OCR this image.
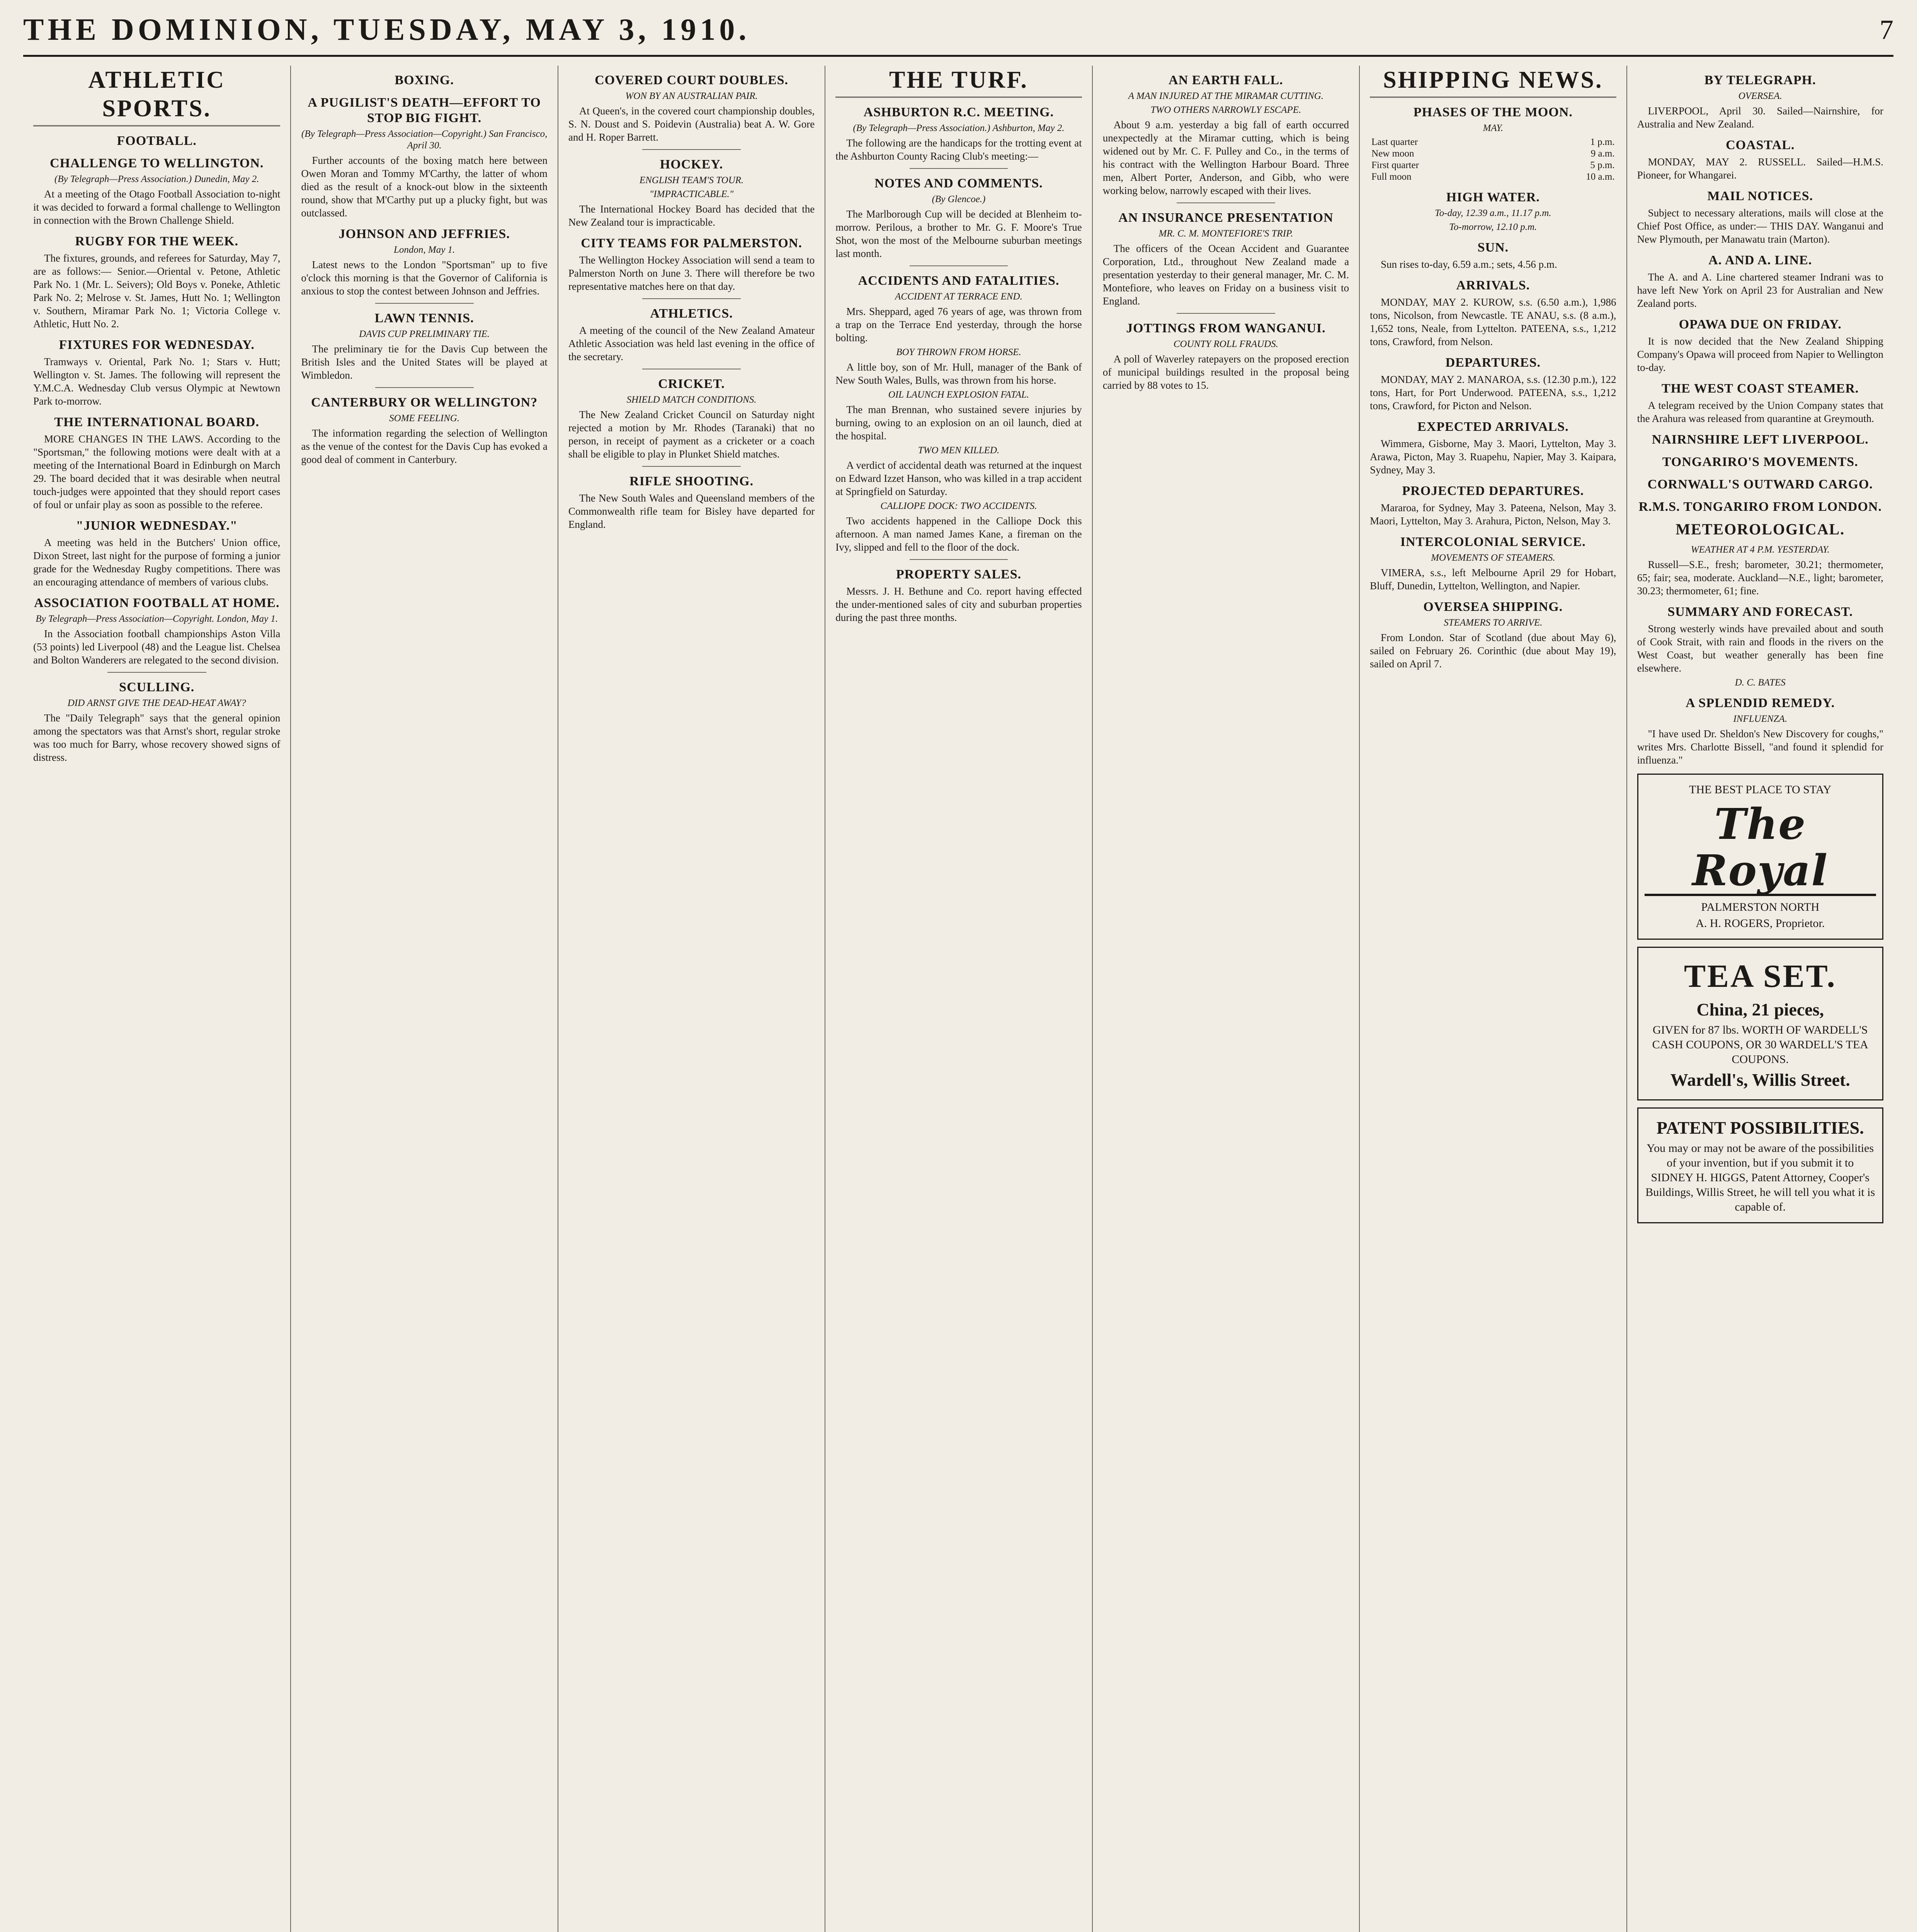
THE DOMINION, TUESDAY, MAY 3, 1910.	7
ATHLETIC SPORTS.
FOOTBALL.
CHALLENGE TO WELLINGTON.
(By Telegraph—Press Association.) Dunedin, May 2.

At a meeting of the Otago Football Association to-night it was decided to forward a formal challenge to Wellington in connection with the Brown Challenge Shield.

RUGBY FOR THE WEEK.

The fixtures, grounds, and referees for Saturday, May 7, are as follows:— Senior.—Oriental v. Petone, Athletic Park No. 1 (Mr. L. Seivers); Old Boys v. Poneke, Athletic Park No. 2; Melrose v. St. James, Hutt No. 1; Wellington v. Southern, Miramar Park No. 1; Victoria College v. Athletic, Hutt No. 2.

FIXTURES FOR WEDNESDAY.

Tramways v. Oriental, Park No. 1; Stars v. Hutt; Wellington v. St. James. The following will represent the Y.M.C.A. Wednesday Club versus Olympic at Newtown Park to-morrow.

THE INTERNATIONAL BOARD.

MORE CHANGES IN THE LAWS. According to the "Sportsman," the following motions were dealt with at a meeting of the International Board in Edinburgh on March 29. The board decided that it was desirable when neutral touch-judges were appointed that they should report cases of foul or unfair play as soon as possible to the referee.

"JUNIOR WEDNESDAY."

A meeting was held in the Butchers' Union office, Dixon Street, last night for the purpose of forming a junior grade for the Wednesday Rugby competitions. There was an encouraging attendance of members of various clubs.

ASSOCIATION FOOTBALL AT HOME.
By Telegraph—Press Association—Copyright. London, May 1.

In the Association football championships Aston Villa (53 points) led Liverpool (48) and the League list. Chelsea and Bolton Wanderers are relegated to the second division.

SCULLING.
DID ARNST GIVE THE DEAD-HEAT AWAY?

The "Daily Telegraph" says that the general opinion among the spectators was that Arnst's short, regular stroke was too much for Barry, whose recovery showed signs of distress.

BOXING.
A PUGILIST'S DEATH—EFFORT TO STOP BIG FIGHT.
(By Telegraph—Press Association—Copyright.) San Francisco, April 30.

Further accounts of the boxing match here between Owen Moran and Tommy M'Carthy, the latter of whom died as the result of a knock-out blow in the sixteenth round, show that M'Carthy put up a plucky fight, but was outclassed.

JOHNSON AND JEFFRIES.
London, May 1.

Latest news to the London "Sportsman" up to five o'clock this morning is that the Governor of California is anxious to stop the contest between Johnson and Jeffries.

LAWN TENNIS.
DAVIS CUP PRELIMINARY TIE.

The preliminary tie for the Davis Cup between the British Isles and the United States will be played at Wimbledon.

CANTERBURY OR WELLINGTON?
SOME FEELING.

The information regarding the selection of Wellington as the venue of the contest for the Davis Cup has evoked a good deal of comment in Canterbury.

COVERED COURT DOUBLES.
WON BY AN AUSTRALIAN PAIR.

At Queen's, in the covered court championship doubles, S. N. Doust and S. Poidevin (Australia) beat A. W. Gore and H. Roper Barrett.

HOCKEY.
ENGLISH TEAM'S TOUR.
"IMPRACTICABLE."

The International Hockey Board has decided that the New Zealand tour is impracticable.

CITY TEAMS FOR PALMERSTON.

The Wellington Hockey Association will send a team to Palmerston North on June 3. There will therefore be two representative matches here on that day.

ATHLETICS.

A meeting of the council of the New Zealand Amateur Athletic Association was held last evening in the office of the secretary.

CRICKET.
SHIELD MATCH CONDITIONS.

The New Zealand Cricket Council on Saturday night rejected a motion by Mr. Rhodes (Taranaki) that no person, in receipt of payment as a cricketer or a coach shall be eligible to play in Plunket Shield matches.

RIFLE SHOOTING.

The New South Wales and Queensland members of the Commonwealth rifle team for Bisley have departed for England.

THE TURF.
ASHBURTON R.C. MEETING.
(By Telegraph—Press Association.) Ashburton, May 2.

The following are the handicaps for the trotting event at the Ashburton County Racing Club's meeting:—

NOTES AND COMMENTS.
(By Glencoe.)

The Marlborough Cup will be decided at Blenheim to-morrow. Perilous, a brother to Mr. G. F. Moore's True Shot, won the most of the Melbourne suburban meetings last month.

ACCIDENTS AND FATALITIES.
ACCIDENT AT TERRACE END.

Mrs. Sheppard, aged 76 years of age, was thrown from a trap on the Terrace End yesterday, through the horse bolting.

BOY THROWN FROM HORSE.

A little boy, son of Mr. Hull, manager of the Bank of New South Wales, Bulls, was thrown from his horse.

OIL LAUNCH EXPLOSION FATAL.

The man Brennan, who sustained severe injuries by burning, owing to an explosion on an oil launch, died at the hospital.

TWO MEN KILLED.

A verdict of accidental death was returned at the inquest on Edward Izzet Hanson, who was killed in a trap accident at Springfield on Saturday.

CALLIOPE DOCK: TWO ACCIDENTS.

Two accidents happened in the Calliope Dock this afternoon. A man named James Kane, a fireman on the Ivy, slipped and fell to the floor of the dock.

PROPERTY SALES.

Messrs. J. H. Bethune and Co. report having effected the under-mentioned sales of city and suburban properties during the past three months.

AN EARTH FALL.
A MAN INJURED AT THE MIRAMAR CUTTING.
TWO OTHERS NARROWLY ESCAPE.

About 9 a.m. yesterday a big fall of earth occurred unexpectedly at the Miramar cutting, which is being widened out by Mr. C. F. Pulley and Co., in the terms of his contract with the Wellington Harbour Board. Three men, Albert Porter, Anderson, and Gibb, who were working below, narrowly escaped with their lives.

AN INSURANCE PRESENTATION
MR. C. M. MONTEFIORE'S TRIP.

The officers of the Ocean Accident and Guarantee Corporation, Ltd., throughout New Zealand made a presentation yesterday to their general manager, Mr. C. M. Montefiore, who leaves on Friday on a business visit to England.

JOTTINGS FROM WANGANUI.
COUNTY ROLL FRAUDS.

A poll of Waverley ratepayers on the proposed erection of municipal buildings resulted in the proposal being carried by 88 votes to 15.

SHIPPING NEWS.
PHASES OF THE MOON.
MAY.
Last quarter	1 p.m.
New moon	9 a.m.
First quarter	5 p.m.
Full moon	10 a.m.
HIGH WATER.
To-day, 12.39 a.m., 11.17 p.m.
To-morrow, 12.10 p.m.
SUN.

Sun rises to-day, 6.59 a.m.; sets, 4.56 p.m.

ARRIVALS.

MONDAY, MAY 2. KUROW, s.s. (6.50 a.m.), 1,986 tons, Nicolson, from Newcastle. TE ANAU, s.s. (8 a.m.), 1,652 tons, Neale, from Lyttelton. PATEENA, s.s., 1,212 tons, Crawford, from Nelson.

DEPARTURES.

MONDAY, MAY 2. MANAROA, s.s. (12.30 p.m.), 122 tons, Hart, for Port Underwood. PATEENA, s.s., 1,212 tons, Crawford, for Picton and Nelson.

EXPECTED ARRIVALS.

Wimmera, Gisborne, May 3. Maori, Lyttelton, May 3. Arawa, Picton, May 3. Ruapehu, Napier, May 3. Kaipara, Sydney, May 3.

PROJECTED DEPARTURES.

Mararoa, for Sydney, May 3. Pateena, Nelson, May 3. Maori, Lyttelton, May 3. Arahura, Picton, Nelson, May 3.

INTERCOLONIAL SERVICE.
MOVEMENTS OF STEAMERS.

VIMERA, s.s., left Melbourne April 29 for Hobart, Bluff, Dunedin, Lyttelton, Wellington, and Napier.

OVERSEA SHIPPING.
STEAMERS TO ARRIVE.

From London. Star of Scotland (due about May 6), sailed on February 26. Corinthic (due about May 19), sailed on April 7.

BY TELEGRAPH.
OVERSEA.

LIVERPOOL, April 30. Sailed—Nairnshire, for Australia and New Zealand.

COASTAL.

MONDAY, MAY 2. RUSSELL. Sailed—H.M.S. Pioneer, for Whangarei.

MAIL NOTICES.

Subject to necessary alterations, mails will close at the Chief Post Office, as under:— THIS DAY. Wanganui and New Plymouth, per Manawatu train (Marton).

A. AND A. LINE.

The A. and A. Line chartered steamer Indrani was to have left New York on April 23 for Australian and New Zealand ports.

OPAWA DUE ON FRIDAY.

It is now decided that the New Zealand Shipping Company's Opawa will proceed from Napier to Wellington to-day.

THE WEST COAST STEAMER.

A telegram received by the Union Company states that the Arahura was released from quarantine at Greymouth.

NAIRNSHIRE LEFT LIVERPOOL.
TONGARIRO'S MOVEMENTS.
CORNWALL'S OUTWARD CARGO.
R.M.S. TONGARIRO FROM LONDON.
METEOROLOGICAL.
WEATHER AT 4 P.M. YESTERDAY.

Russell—S.E., fresh; barometer, 30.21; thermometer, 65; fair; sea, moderate. Auckland—N.E., light; barometer, 30.23; thermometer, 61; fine.

SUMMARY AND FORECAST.

Strong westerly winds have prevailed about and south of Cook Strait, with rain and floods in the rivers on the West Coast, but weather generally has been fine elsewhere.

D. C. BATES
A SPLENDID REMEDY.
INFLUENZA.

"I have used Dr. Sheldon's New Discovery for coughs," writes Mrs. Charlotte Bissell, "and found it splendid for influenza."

THE BEST PLACE TO STAY
The Royal
PALMERSTON NORTH
A. H. ROGERS, Proprietor.
TEA SET.
China, 21 pieces,
GIVEN for 87 lbs. WORTH OF WARDELL'S CASH COUPONS, OR 30 WARDELL'S TEA COUPONS.
Wardell's, Willis Street.
PATENT POSSIBILITIES.
You may or may not be aware of the possibilities of your invention, but if you submit it to SIDNEY H. HIGGS, Patent Attorney, Cooper's Buildings, Willis Street, he will tell you what it is capable of.
